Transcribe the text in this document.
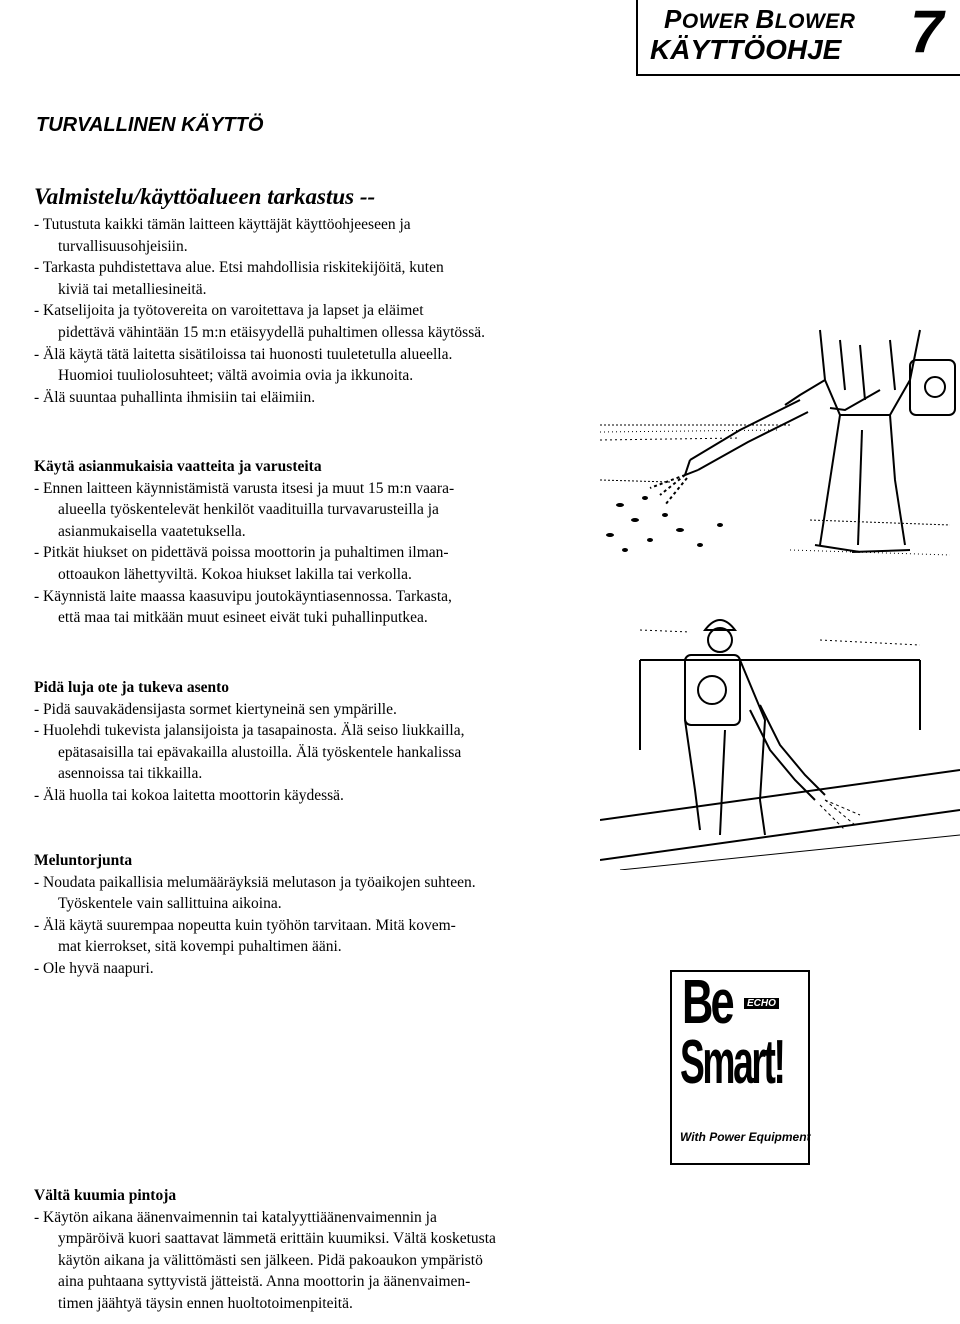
POWER BLOWER
KÄYTTÖOHJE 7
TURVALLINEN KÄYTTÖ
Valmistelu/käyttöalueen tarkastus --
- Tutustuta kaikki tämän laitteen käyttäjät käyttöohjeeseen ja
turvallisuusohjeisiin.
- Tarkasta puhdistettava alue. Etsi mahdollisia riskitekijöitä, kuten
kiviä tai metalliesineitä.
- Katselijoita ja työtovereita on varoitettava ja lapset ja eläimet
pidettävä vähintään 15 m:n etäisyydellä puhaltimen ollessa käytössä.
- Älä käytä tätä laitetta sisätiloissa tai huonosti tuuletetulla alueella.
Huomioi tuuliolosuhteet; vältä avoimia ovia ja ikkunoita.
- Älä suuntaa puhallinta ihmisiin tai eläimiin.
Käytä asianmukaisia vaatteita ja varusteita
- Ennen laitteen käynnistämistä varusta itsesi ja muut 15 m:n vaara-
alueella työskentelevät henkilöt vaadituilla turvavarusteilla ja
asianmukaisella vaatetuksella.
- Pitkät hiukset on pidettävä poissa moottorin ja puhaltimen ilman-
ottoaukon lähettyviltä. Kokoa hiukset lakilla tai verkolla.
- Käynnistä laite maassa kaasuvipu joutokäyntiasennossa. Tarkasta,
että maa tai mitkään muut esineet eivät tuki puhallinputkea.
Pidä luja ote ja tukeva asento
- Pidä sauvakädensijasta sormet kiertyneinä sen ympärille.
- Huolehdi tukevista jalansijoista ja tasapainosta. Älä seiso liukkailla,
epätasaisilla tai epävakailla alustoilla. Älä työskentele hankalissa
asennoissa tai tikkailla.
- Älä huolla tai kokoa laitetta moottorin käydessä.
Meluntorjunta
- Noudata paikallisia melumääräyksiä melutason ja työaikojen suhteen.
Työskentele vain sallittuina aikoina.
- Älä käytä suurempaa nopeutta kuin työhön tarvitaan. Mitä kovem-
mat kierrokset, sitä kovempi puhaltimen ääni.
- Ole hyvä naapuri.
Vältä kuumia pintoja
- Käytön aikana äänenvaimennin tai katalyyttiäänenvaimennin ja
ympäröivä kuori saattavat lämmetä erittäin kuumiksi. Vältä kosketusta
käytön aikana ja välittömästi sen jälkeen. Pidä pakoaukon ympäristö
aina puhtaana syttyvistä jätteistä. Anna moottorin ja äänenvaimen-
timen jäähtyä täysin ennen huoltotoimenpiteitä.
Be
Smart!
ECHO
With Power Equipment
